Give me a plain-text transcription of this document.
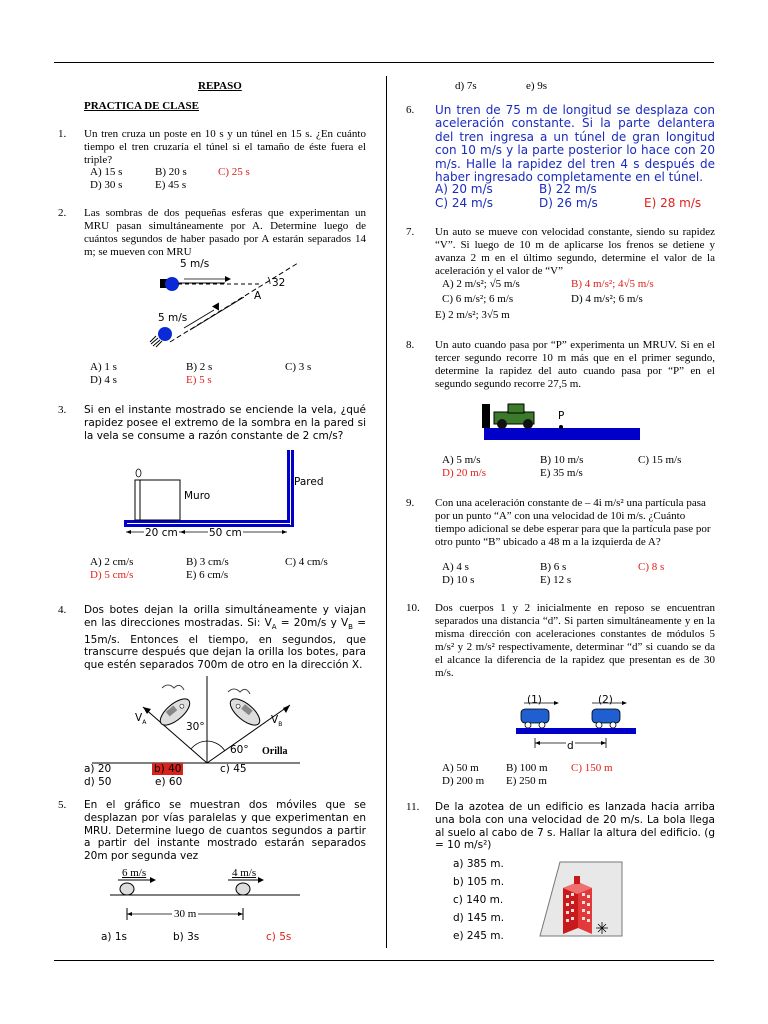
REPASO
PRACTICA DE CLASE
1.	Un tren cruza un poste en 10 s y un túnel en 15 s. ¿En cuánto tiempo el tren cruzaría el túnel si el tamaño de éste fuera el triple?
A) 15 s	B) 20 s	C) 25 s
D) 30 s	E) 45 s
2.	Las sombras de dos pequeñas esferas que experimentan un MRU pasan simultáneamente por A. Determine luego de cuántos segundos de haber pasado por A estarán separados 14 m; se mueven con MRU
5 m/s
5 m/s
A
32
A) 1 s	B) 2 s	C) 3 s
D) 4 s	E) 5 s
3.	Si en el instante mostrado se enciende la vela, ¿qué rapidez posee el extremo de la sombra en la pared si la vela se consume a razón constante de 2 cm/s?
Pared
Muro
20 cm	50 cm
A) 2 cm/s	B) 3 cm/s	C) 4 cm/s
D) 5 cm/s	E) 6 cm/s
4.	Dos botes dejan la orilla simultáneamente y viajan en las direcciones mostradas. Si: $V_A = 20m/s$ y $V_B = 15m/s$. Entonces el tiempo, en segundos, que transcurre después que dejan la orilla los botes, para que estén separados 700m de otro en la dirección X.
$V_A$	$V_B$
30°
60° Orilla
a) 20	b) 40	c) 45
d) 50	e) 60
5.	En el gráfico se muestran dos móviles que se desplazan por vías paralelas y que experimentan en MRU. Determine luego de cuantos segundos a partir a partir del instante mostrado estarán separados 20m por segunda vez
6 m/s	4 m/s
30 m
a) 1s	b) 3s	c) 5s
d) 7s	e) 9s
6.	Un tren de 75 m de longitud se desplaza con aceleración constante. Si la parte delantera del tren ingresa a un túnel de gran longitud con 10 m/s y la parte posterior lo hace con 20 m/s. Halle la rapidez del tren 4 s después de haber ingresado completamente en el túnel.
A) 20 m/s	B) 22 m/s
C) 24 m/s	D) 26 m/s	E) 28 m/s
7.	Un auto se mueve con velocidad constante, siendo su rapidez “V”. Si luego de 10 m de aplicarse los frenos se detiene y avanza 2 m en el último segundo, determine el valor de la aceleración y el valor de “V”
A) 2 m/s²; √5 m/s	B) 4 m/s²; 4√5 m/s
C) 6 m/s²; 6 m/s	D) 4 m/s²; 6 m/s
E) 2 m/s²; 3√5 m
8.	Un auto cuando pasa por “P” experimenta un MRUV. Si en el tercer segundo recorre 10 m más que en el primer segundo, determine la rapidez del auto cuando pasa por “P” en el segundo segundo recorre 27,5 m.
P
A) 5 m/s	B) 10 m/s	C) 15 m/s
D) 20 m/s	E) 35 m/s
9.	Con una aceleración constante de – 4i m/s² una partícula pasa por un punto “A” con una velocidad de 10i m/s. ¿Cuánto tiempo adicional se debe esperar para que la partícula pase por otro punto “B” ubicado a 48 m a la izquierda de A?
A) 4 s	B) 6 s	C) 8 s
D) 10 s	E) 12 s
10.	Dos cuerpos 1 y 2 inicialmente en reposo se encuentran separados una distancia “d”. Si parten simultáneamente y en la misma dirección con aceleraciones constantes de módulos 5 m/s² y 2 m/s² respectivamente, determinar “d” si cuando se da el alcance la diferencia de la rapidez que presentan es de 30 m/s.
(1)	(2)
d
A) 50 m B) 100 m C) 150 m
D) 200 m E) 250 m
11.	De la azotea de un edificio es lanzada hacia arriba una bola con una velocidad de 20 m/s. La bola llega al suelo al cabo de 7 s. Hallar la altura del edificio. (g = 10 m/s²)
a) 385 m.
b) 105 m.
c) 140 m.
d) 145 m.
e) 245 m.
